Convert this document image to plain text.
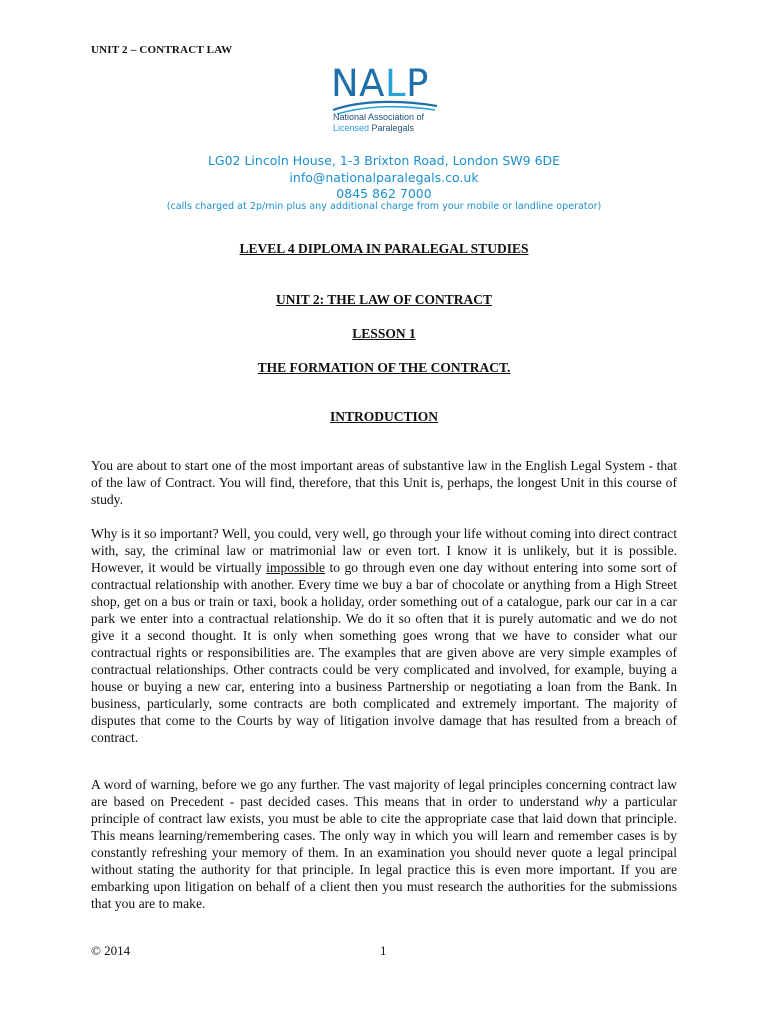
UNIT 2 – CONTRACT LAW
NALP
National Association of
Licensed Paralegals
LG02 Lincoln House, 1-3 Brixton Road, London SW9 6DE
info@nationalparalegals.co.uk
0845 862 7000
(calls charged at 2p/min plus any additional charge from your mobile or landline operator)
LEVEL 4 DIPLOMA IN PARALEGAL STUDIES
UNIT 2: THE LAW OF CONTRACT
LESSON 1
THE FORMATION OF THE CONTRACT.
INTRODUCTION

You are about to start one of the most important areas of substantive law in the English Legal System - that of the law of Contract. You will find, therefore, that this Unit is, perhaps, the longest Unit in this course of study.

Why is it so important? Well, you could, very well, go through your life without coming into direct contract with, say, the criminal law or matrimonial law or even tort. I know it is unlikely, but it is possible. However, it would be virtually impossible to go through even one day without entering into some sort of contractual relationship with another. Every time we buy a bar of chocolate or anything from a High Street shop, get on a bus or train or taxi, book a holiday, order something out of a catalogue, park our car in a car park we enter into a contractual relationship. We do it so often that it is purely automatic and we do not give it a second thought. It is only when something goes wrong that we have to consider what our contractual rights or responsibilities are. The examples that are given above are very simple examples of contractual relationships. Other contracts could be very complicated and involved, for example, buying a house or buying a new car, entering into a business Partnership or negotiating a loan from the Bank. In business, particularly, some contracts are both complicated and extremely important. The majority of disputes that come to the Courts by way of litigation involve damage that has resulted from a breach of contract.

A word of warning, before we go any further. The vast majority of legal principles concerning contract law are based on Precedent - past decided cases. This means that in order to understand why a particular principle of contract law exists, you must be able to cite the appropriate case that laid down that principle. This means learning/remembering cases. The only way in which you will learn and remember cases is by constantly refreshing your memory of them. In an examination you should never quote a legal principal without stating the authority for that principle. In legal practice this is even more important. If you are embarking upon litigation on behalf of a client then you must research the authorities for the submissions that you are to make.

© 2014	1
